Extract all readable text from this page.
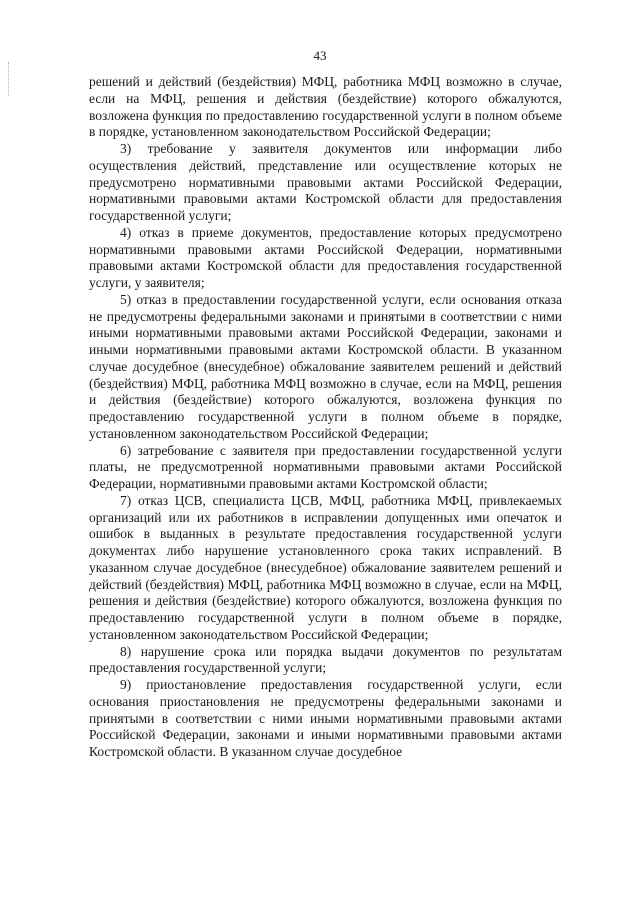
43

решений и действий (бездействия) МФЦ, работника МФЦ возможно в случае, если на МФЦ, решения и действия (бездействие) которого обжалуются, возложена функция по предоставлению государственной услуги в полном объеме в порядке, установленном законодательством Российской Федерации;

3) требование у заявителя документов или информации либо осуществления действий, представление или осуществление которых не предусмотрено нормативными правовыми актами Российской Федерации, нормативными правовыми актами Костромской области для предоставления государственной услуги;

4) отказ в приеме документов, предоставление которых предусмотрено нормативными правовыми актами Российской Федерации, нормативными правовыми актами Костромской области для предоставления государственной услуги, у заявителя;

5) отказ в предоставлении государственной услуги, если основания отказа не предусмотрены федеральными законами и принятыми в соответствии с ними иными нормативными правовыми актами Российской Федерации, законами и иными нормативными правовыми актами Костромской области. В указанном случае досудебное (внесудебное) обжалование заявителем решений и действий (бездействия) МФЦ, работника МФЦ возможно в случае, если на МФЦ, решения и действия (бездействие) которого обжалуются, возложена функция по предоставлению государственной услуги в полном объеме в порядке, установленном законодательством Российской Федерации;

6) затребование с заявителя при предоставлении государственной услуги платы, не предусмотренной нормативными правовыми актами Российской Федерации, нормативными правовыми актами Костромской области;

7) отказ ЦСВ, специалиста ЦСВ, МФЦ, работника МФЦ, привлекаемых организаций или их работников в исправлении допущенных ими опечаток и ошибок в выданных в результате предоставления государственной услуги документах либо нарушение установленного срока таких исправлений. В указанном случае досудебное (внесудебное) обжалование заявителем решений и действий (бездействия) МФЦ, работника МФЦ возможно в случае, если на МФЦ, решения и действия (бездействие) которого обжалуются, возложена функция по предоставлению государственной услуги в полном объеме в порядке, установленном законодательством Российской Федерации;

8) нарушение срока или порядка выдачи документов по результатам предоставления государственной услуги;

9) приостановление предоставления государственной услуги, если основания приостановления не предусмотрены федеральными законами и принятыми в соответствии с ними иными нормативными правовыми актами Российской Федерации, законами и иными нормативными правовыми актами Костромской области. В указанном случае досудебное
